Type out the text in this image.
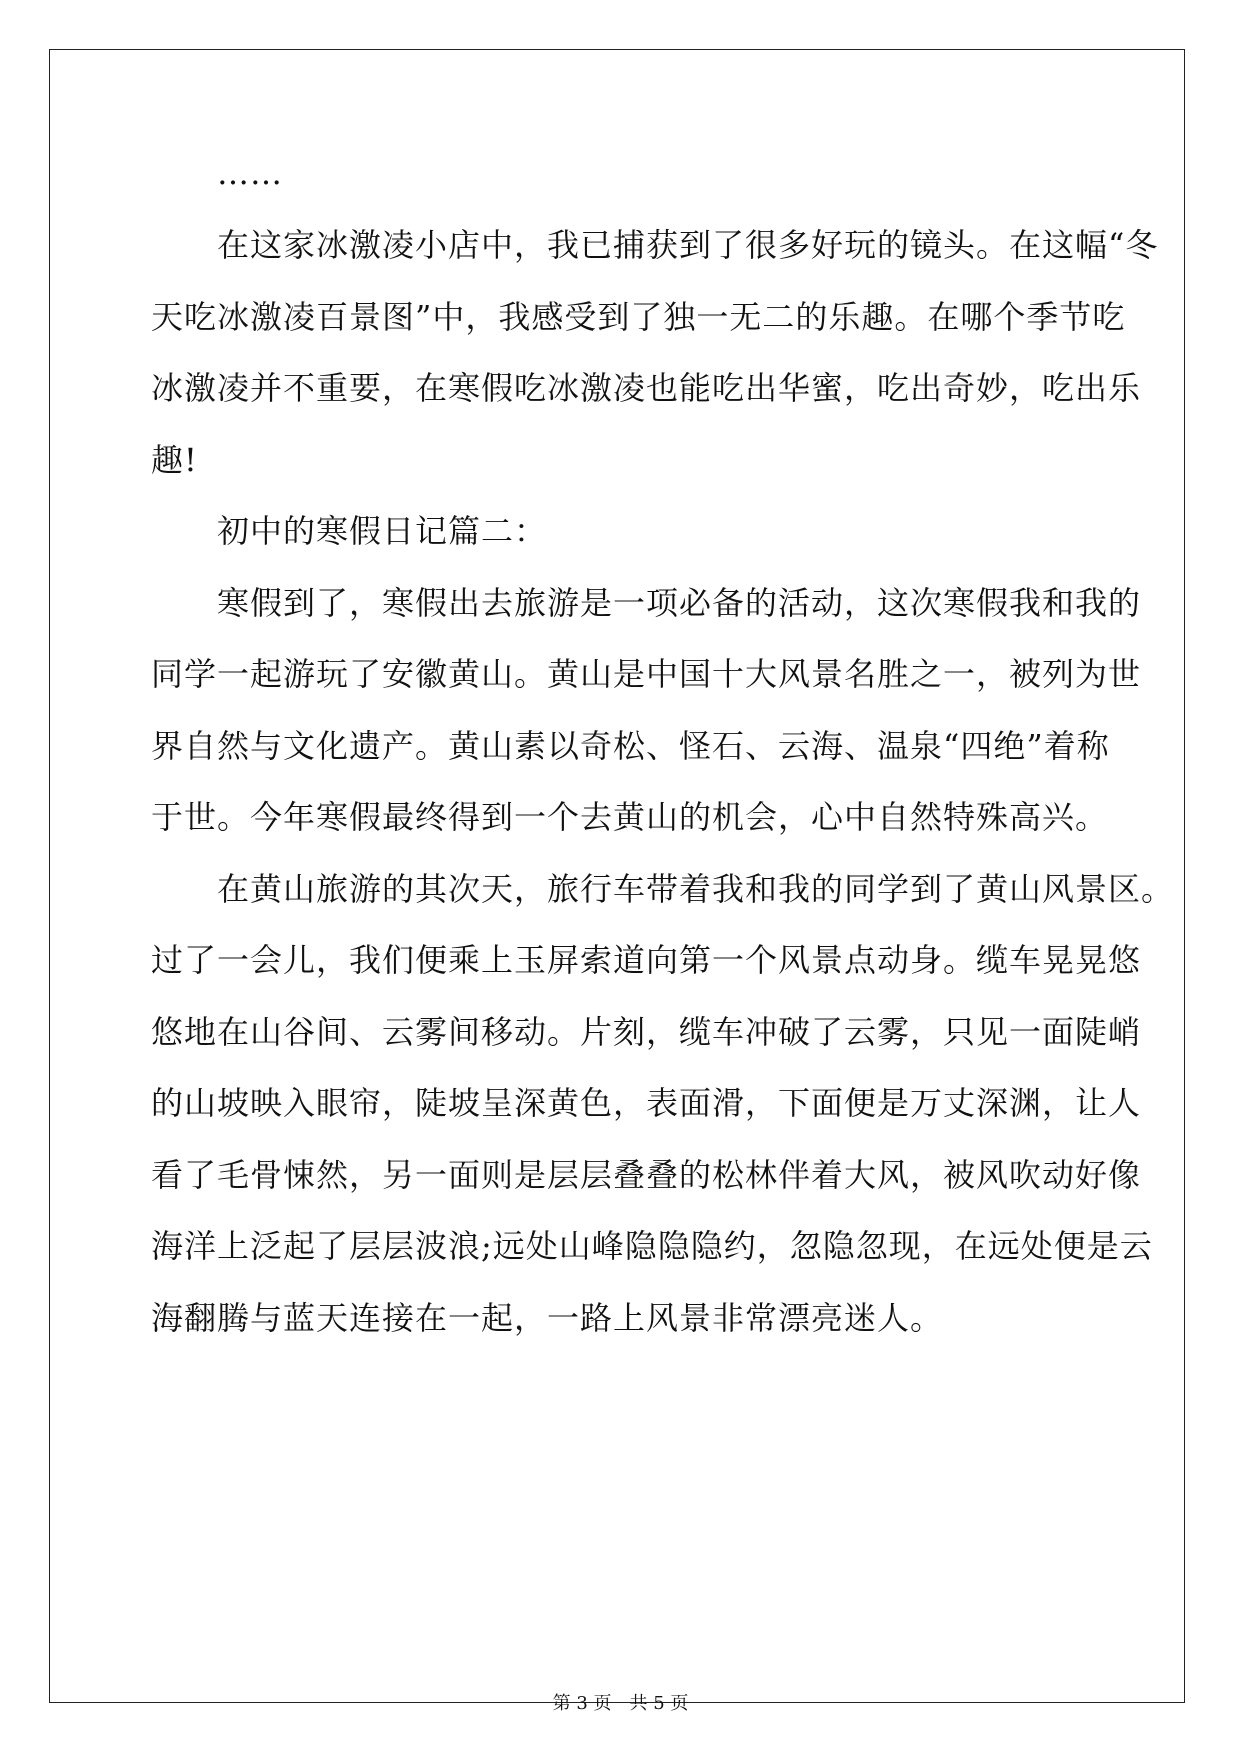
　　……
　　在这家冰激凌小店中，我已捕获到了很多好玩的镜头。在这幅“冬
天吃冰激凌百景图”中，我感受到了独一无二的乐趣。在哪个季节吃
冰激凌并不重要，在寒假吃冰激凌也能吃出华蜜，吃出奇妙，吃出乐
趣!
　　初中的寒假日记篇二：
　　寒假到了，寒假出去旅游是一项必备的活动，这次寒假我和我的
同学一起游玩了安徽黄山。黄山是中国十大风景名胜之一，被列为世
界自然与文化遗产。黄山素以奇松、怪石、云海、温泉“四绝”着称
于世。今年寒假最终得到一个去黄山的机会，心中自然特殊高兴。
　　在黄山旅游的其次天，旅行车带着我和我的同学到了黄山风景区。
过了一会儿，我们便乘上玉屏索道向第一个风景点动身。缆车晃晃悠
悠地在山谷间、云雾间移动。片刻，缆车冲破了云雾，只见一面陡峭
的山坡映入眼帘，陡坡呈深黄色，表面滑，下面便是万丈深渊，让人
看了毛骨悚然，另一面则是层层叠叠的松林伴着大风，被风吹动好像
海洋上泛起了层层波浪;远处山峰隐隐隐约，忽隐忽现，在远处便是云
海翻腾与蓝天连接在一起，一路上风景非常漂亮迷人。
第 3 页　共 5 页
